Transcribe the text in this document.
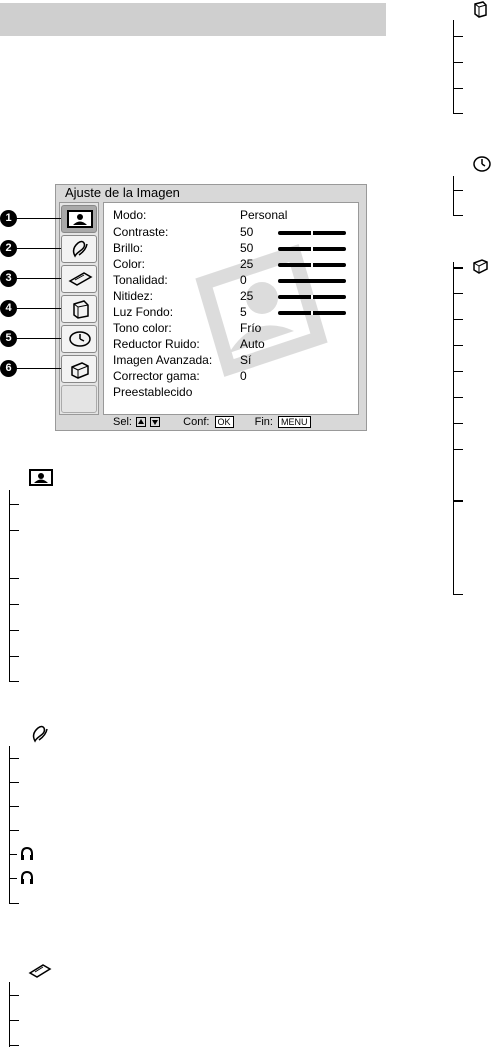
Ajuste de la Imagen
Modo:	Personal
Contraste:	50
Brillo:	50
Color:	25
Tonalidad:	0
Nitidez:	25
Luz Fondo:	5
Tono color:	Frío
Reductor Ruido:	Auto
Imagen Avanzada: Sí
Corrector gama:	0
Preestablecido
Sel:
	Conf: OK Fin: MENU
1
2
3
4
5
6
